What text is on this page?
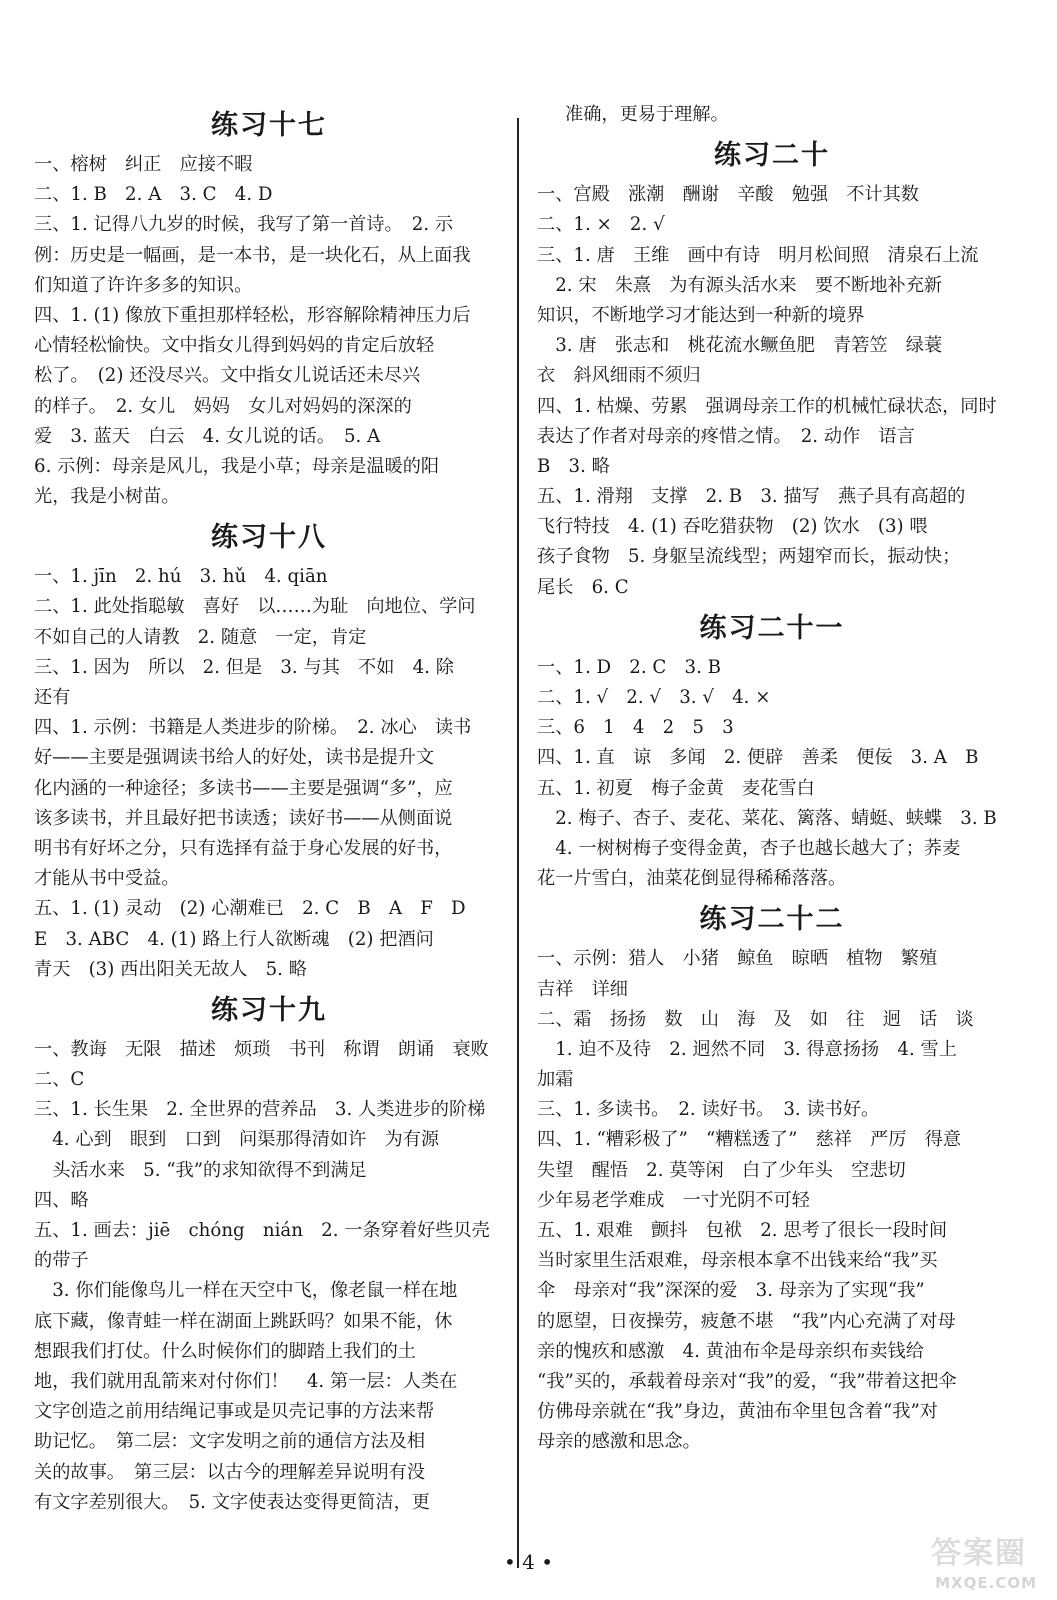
练习十七
一、榕树　纠正　应接不暇
二、1. B　2. A　3. C　4. D
三、1. 记得八九岁的时候，我写了第一首诗。　2. 示
例：历史是一幅画，是一本书，是一块化石，从上面我
们知道了许许多多的知识。
四、1. (1) 像放下重担那样轻松，形容解除精神压力后
心情轻松愉快。文中指女儿得到妈妈的肯定后放轻
松了。　(2) 还没尽兴。文中指女儿说话还未尽兴
的样子。　2. 女儿　妈妈　女儿对妈妈的深深的
爱　3. 蓝天　白云　4. 女儿说的话。　5. A
6. 示例：母亲是风儿，我是小草；母亲是温暖的阳
光，我是小树苗。
练习十八
一、1. jīn　2. hú　3. hǔ　4. qiān
二、1. 此处指聪敏　喜好　以……为耻　向地位、学问
不如自己的人请教　2. 随意　一定，肯定
三、1. 因为　所以　2. 但是　3. 与其　不如　4. 除
还有
四、1. 示例：书籍是人类进步的阶梯。　2. 冰心　读书
好——主要是强调读书给人的好处，读书是提升文
化内涵的一种途径；多读书——主要是强调“多”，应
该多读书，并且最好把书读透；读好书——从侧面说
明书有好坏之分，只有选择有益于身心发展的好书，
才能从书中受益。
五、1. (1) 灵动　(2) 心潮难已　2. C　B　A　F　D
E　3. ABC　4. (1) 路上行人欲断魂　(2) 把酒问
青天　(3) 西出阳关无故人　5. 略
练习十九
一、教诲　无限　描述　烦琐　书刊　称谓　朗诵　衰败
二、C
三、1. 长生果　2. 全世界的营养品　3. 人类进步的阶梯
　4. 心到　眼到　口到　问渠那得清如许　为有源
　头活水来　5. “我”的求知欲得不到满足
四、略
五、1. 画去：jiē　chóng　nián　2. 一条穿着好些贝壳
的带子
　3. 你们能像鸟儿一样在天空中飞，像老鼠一样在地
底下藏，像青蛙一样在湖面上跳跃吗？如果不能，休
想跟我们打仗。什么时候你们的脚踏上我们的土
地，我们就用乱箭来对付你们！　4. 第一层：人类在
文字创造之前用结绳记事或是贝壳记事的方法来帮
助记忆。　第二层：文字发明之前的通信方法及相
关的故事。　第三层：以古今的理解差异说明有没
有文字差别很大。　5. 文字使表达变得更简洁，更
准确，更易于理解。
练习二十
一、宫殿　涨潮　酬谢　辛酸　勉强　不计其数
二、1. ×　2. √
三、1. 唐　王维　画中有诗　明月松间照　清泉石上流
　2. 宋　朱熹　为有源头活水来　要不断地补充新
知识，不断地学习才能达到一种新的境界
　3. 唐　张志和　桃花流水鳜鱼肥　青箬笠　绿蓑
衣　斜风细雨不须归
四、1. 枯燥、劳累　强调母亲工作的机械忙碌状态，同时
表达了作者对母亲的疼惜之情。　2. 动作　语言
B　3. 略
五、1. 滑翔　支撑　2. B　3. 描写　燕子具有高超的
飞行特技　4. (1) 吞吃猎获物　(2) 饮水　(3) 喂
孩子食物　5. 身躯呈流线型；两翅窄而长，振动快；
尾长　6. C
练习二十一
一、1. D　2. C　3. B
二、1. √　2. √　3. √　4. ×
三、6　1　4　2　5　3
四、1. 直　谅　多闻　2. 便辟　善柔　便佞　3. A　B
五、1. 初夏　梅子金黄　麦花雪白
　2. 梅子、杏子、麦花、菜花、篱落、蜻蜓、蛱蝶　3. B
　4. 一树树梅子变得金黄，杏子也越长越大了；荞麦
花一片雪白，油菜花倒显得稀稀落落。
练习二十二
一、示例：猎人　小猪　鲸鱼　晾晒　植物　繁殖
吉祥　详细
二、霜　扬扬　数　山　海　及　如　往　迥　话　谈
　1. 迫不及待　2. 迥然不同　3. 得意扬扬　4. 雪上
加霜
三、1. 多读书。　2. 读好书。　3. 读书好。
四、1. “糟彩极了”　“糟糕透了”　慈祥　严厉　得意
失望　醒悟　2. 莫等闲　白了少年头　空悲切
少年易老学难成　一寸光阴不可轻
五、1. 艰难　颤抖　包袱　2. 思考了很长一段时间
当时家里生活艰难，母亲根本拿不出钱来给“我”买
伞　母亲对“我”深深的爱　3. 母亲为了实现“我”
的愿望，日夜操劳，疲惫不堪　“我”内心充满了对母
亲的愧疚和感激　4. 黄油布伞是母亲织布卖钱给
“我”买的，承载着母亲对“我”的爱，“我”带着这把伞
仿佛母亲就在“我”身边，黄油布伞里包含着“我”对
母亲的感激和思念。
• 4 •	答案圈
MXQE.COM
